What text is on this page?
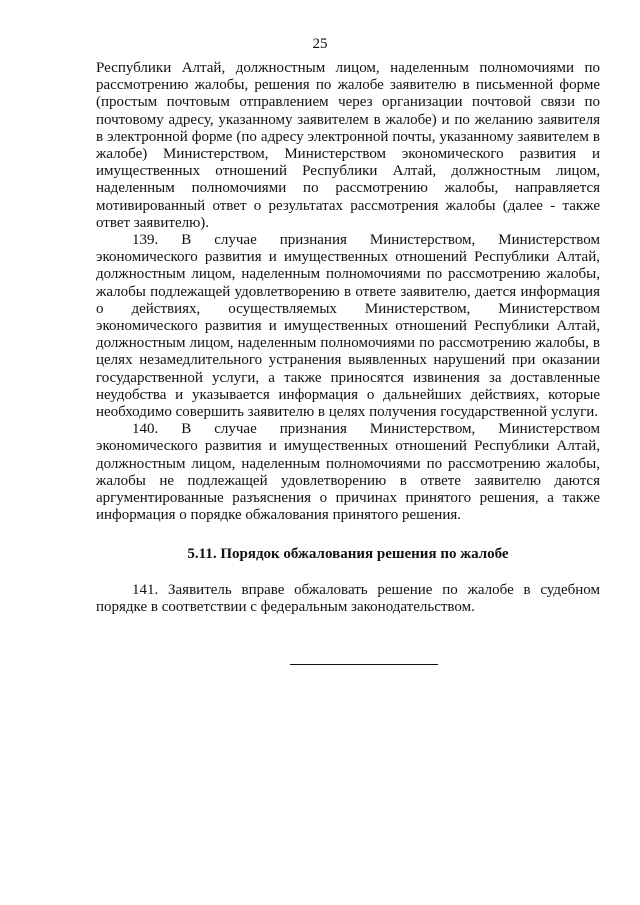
25

Республики Алтай, должностным лицом, наделенным полномочиями по рассмотрению жалобы, решения по жалобе заявителю в письменной форме (простым почтовым отправлением через организации почтовой связи по почтовому адресу, указанному заявителем в жалобе) и по желанию заявителя в электронной форме (по адресу электронной почты, указанному заявителем в жалобе) Министерством, Министерством экономического развития и имущественных отношений Республики Алтай, должностным лицом, наделенным полномочиями по рассмотрению жалобы, направляется мотивированный ответ о результатах рассмотрения жалобы (далее - также ответ заявителю).

139. В случае признания Министерством, Министерством экономического развития и имущественных отношений Республики Алтай, должностным лицом, наделенным полномочиями по рассмотрению жалобы, жалобы подлежащей удовлетворению в ответе заявителю, дается информация о действиях, осуществляемых Министерством, Министерством экономического развития и имущественных отношений Республики Алтай, должностным лицом, наделенным полномочиями по рассмотрению жалобы, в целях незамедлительного устранения выявленных нарушений при оказании государственной услуги, а также приносятся извинения за доставленные неудобства и указывается информация о дальнейших действиях, которые необходимо совершить заявителю в целях получения государственной услуги.

140. В случае признания Министерством, Министерством экономического развития и имущественных отношений Республики Алтай, должностным лицом, наделенным полномочиями по рассмотрению жалобы, жалобы не подлежащей удовлетворению в ответе заявителю даются аргументированные разъяснения о причинах принятого решения, а также информация о порядке обжалования принятого решения.

5.11. Порядок обжалования решения по жалобе

141. Заявитель вправе обжаловать решение по жалобе в судебном порядке в соответствии с федеральным законодательством.
